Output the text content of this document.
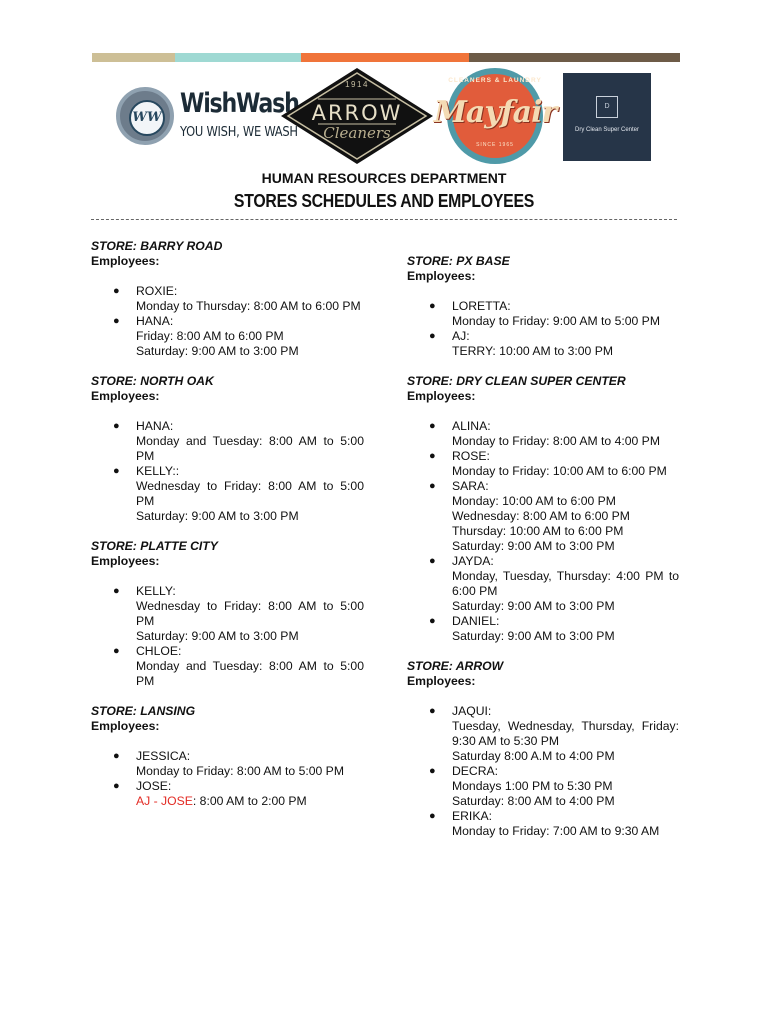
WW WishWash
YOU WISH, WE WASH
1914
ARROW
Cleaners
CLEANERS & LAUNDRY
Mayfair
SINCE 1965
D
Dry Clean Super Center
HUMAN RESOURCES DEPARTMENT
STORES SCHEDULES AND EMPLOYEES
STORE: BARRY ROAD
Employees:
● ROXIE:
Monday to Thursday: 8:00 AM to 6:00 PM
● HANA:
Friday: 8:00 AM to 6:00 PM
Saturday: 9:00 AM to 3:00 PM
STORE: NORTH OAK
Employees:
● HANA:
Monday and Tuesday: 8:00 AM to 5:00 PM
● KELLY::
Wednesday to Friday: 8:00 AM to 5:00 PM
Saturday: 9:00 AM to 3:00 PM
STORE: PLATTE CITY
Employees:
● KELLY:
Wednesday to Friday: 8:00 AM to 5:00 PM
Saturday: 9:00 AM to 3:00 PM
● CHLOE:
Monday and Tuesday: 8:00 AM to 5:00 PM
STORE: LANSING
Employees:
● JESSICA:
Monday to Friday: 8:00 AM to 5:00 PM
● JOSE:
AJ - JOSE: 8:00 AM to 2:00 PM
STORE: PX BASE
Employees:
● LORETTA:
Monday to Friday: 9:00 AM to 5:00 PM
● AJ:
TERRY: 10:00 AM to 3:00 PM
STORE: DRY CLEAN SUPER CENTER
Employees:
● ALINA:
Monday to Friday: 8:00 AM to 4:00 PM
● ROSE:
Monday to Friday: 10:00 AM to 6:00 PM
● SARA:
Monday: 10:00 AM to 6:00 PM
Wednesday: 8:00 AM to 6:00 PM
Thursday: 10:00 AM to 6:00 PM
Saturday: 9:00 AM to 3:00 PM
● JAYDA:
Monday, Tuesday, Thursday: 4:00 PM to 6:00 PM
Saturday: 9:00 AM to 3:00 PM
● DANIEL:
Saturday: 9:00 AM to 3:00 PM
STORE: ARROW
Employees:
● JAQUI:
Tuesday, Wednesday, Thursday, Friday: 9:30 AM to 5:30 PM
Saturday 8:00 A.M to 4:00 PM
● DECRA:
Mondays 1:00 PM to 5:30 PM
Saturday: 8:00 AM to 4:00 PM
● ERIKA:
Monday to Friday: 7:00 AM to 9:30 AM
